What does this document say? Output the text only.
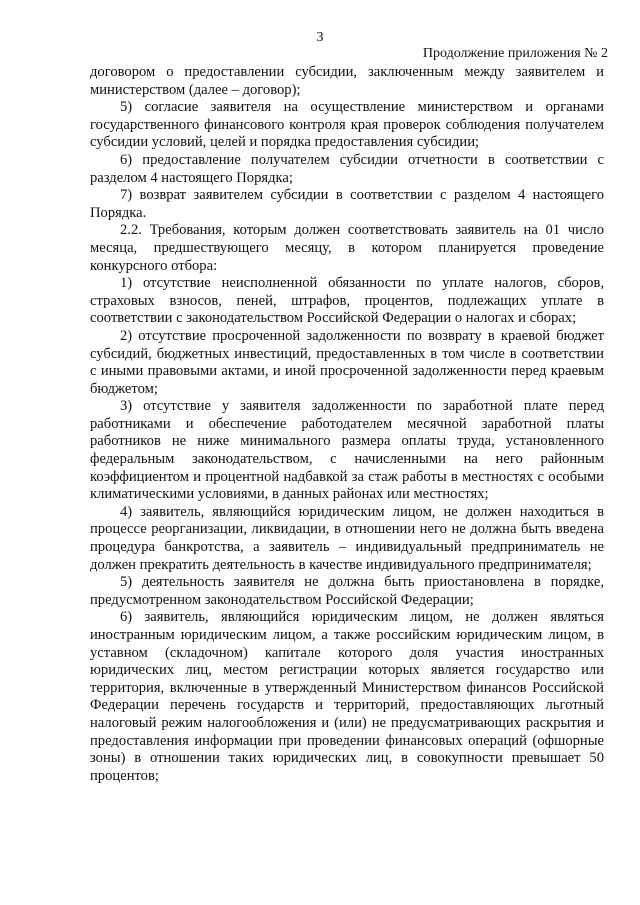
3
Продолжение приложения № 2

договором о предоставлении субсидии, заключенным между заявителем и министерством (далее – договор);

5) согласие заявителя на осуществление министерством и органами государственного финансового контроля края проверок соблюдения получателем субсидии условий, целей и порядка предоставления субсидии;

6) предоставление получателем субсидии отчетности в соответствии с разделом 4 настоящего Порядка;

7) возврат заявителем субсидии в соответствии с разделом 4 настоящего Порядка.

2.2. Требования, которым должен соответствовать заявитель на 01 число месяца, предшествующего месяцу, в котором планируется проведение конкурсного отбора:

1) отсутствие неисполненной обязанности по уплате налогов, сборов, страховых взносов, пеней, штрафов, процентов, подлежащих уплате в соответствии с законодательством Российской Федерации о налогах и сборах;

2) отсутствие просроченной задолженности по возврату в краевой бюджет субсидий, бюджетных инвестиций, предоставленных в том числе в соответствии с иными правовыми актами, и иной просроченной задолженности перед краевым бюджетом;

3) отсутствие у заявителя задолженности по заработной плате перед работниками и обеспечение работодателем месячной заработной платы работников не ниже минимального размера оплаты труда, установленного федеральным законодательством, с начисленными на него районным коэффициентом и процентной надбавкой за стаж работы в местностях с особыми климатическими условиями, в данных районах или местностях;

4) заявитель, являющийся юридическим лицом, не должен находиться в процессе реорганизации, ликвидации, в отношении него не должна быть введена процедура банкротства, а заявитель – индивидуальный предприниматель не должен прекратить деятельность в качестве индивидуального предпринимателя;

5) деятельность заявителя не должна быть приостановлена в порядке, предусмотренном законодательством Российской Федерации;

6) заявитель, являющийся юридическим лицом, не должен являться иностранным юридическим лицом, а также российским юридическим лицом, в уставном (складочном) капитале которого доля участия иностранных юридических лиц, местом регистрации которых является государство или территория, включенные в утвержденный Министерством финансов Российской Федерации перечень государств и территорий, предоставляющих льготный налоговый режим налогообложения и (или) не предусматривающих раскрытия и предоставления информации при проведении финансовых операций (офшорные зоны) в отношении таких юридических лиц, в совокупности превышает 50 процентов;
